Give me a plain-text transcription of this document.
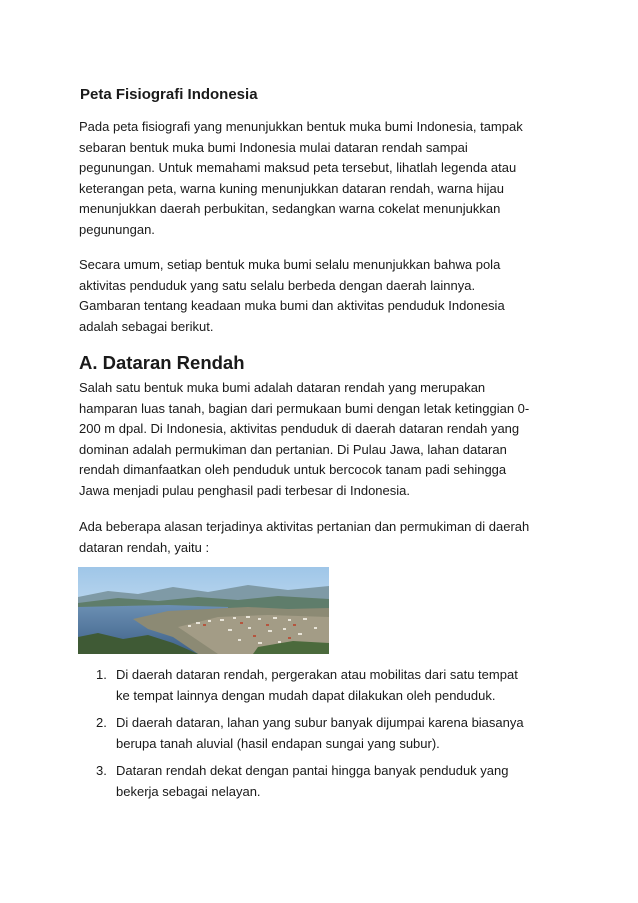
Peta Fisiografi Indonesia

Pada peta fisiografi yang menunjukkan bentuk muka bumi Indonesia, tampak
sebaran bentuk muka bumi Indonesia mulai dataran rendah sampai
pegunungan. Untuk memahami maksud peta tersebut, lihatlah legenda atau
keterangan peta, warna kuning menunjukkan dataran rendah, warna hijau
menunjukkan daerah perbukitan, sedangkan warna cokelat menunjukkan
pegunungan.

Secara umum, setiap bentuk muka bumi selalu menunjukkan bahwa pola
aktivitas penduduk yang satu selalu berbeda dengan daerah lainnya.
Gambaran tentang keadaan muka bumi dan aktivitas penduduk Indonesia
adalah sebagai berikut.

A. Dataran Rendah

Salah satu bentuk muka bumi adalah dataran rendah yang merupakan
hamparan luas tanah, bagian dari permukaan bumi dengan letak ketinggian 0-
200 m dpal. Di Indonesia, aktivitas penduduk di daerah dataran rendah yang
dominan adalah permukiman dan pertanian. Di Pulau Jawa, lahan dataran
rendah dimanfaatkan oleh penduduk untuk bercocok tanam padi sehingga
Jawa menjadi pulau penghasil padi terbesar di Indonesia.

Ada beberapa alasan terjadinya aktivitas pertanian dan permukiman di daerah
dataran rendah, yaitu :

1. Di daerah dataran rendah, pergerakan atau mobilitas dari satu tempat
ke tempat lainnya dengan mudah dapat dilakukan oleh penduduk.
2. Di daerah dataran, lahan yang subur banyak dijumpai karena biasanya
berupa tanah aluvial (hasil endapan sungai yang subur).
3. Dataran rendah dekat dengan pantai hingga banyak penduduk yang
bekerja sebagai nelayan.
